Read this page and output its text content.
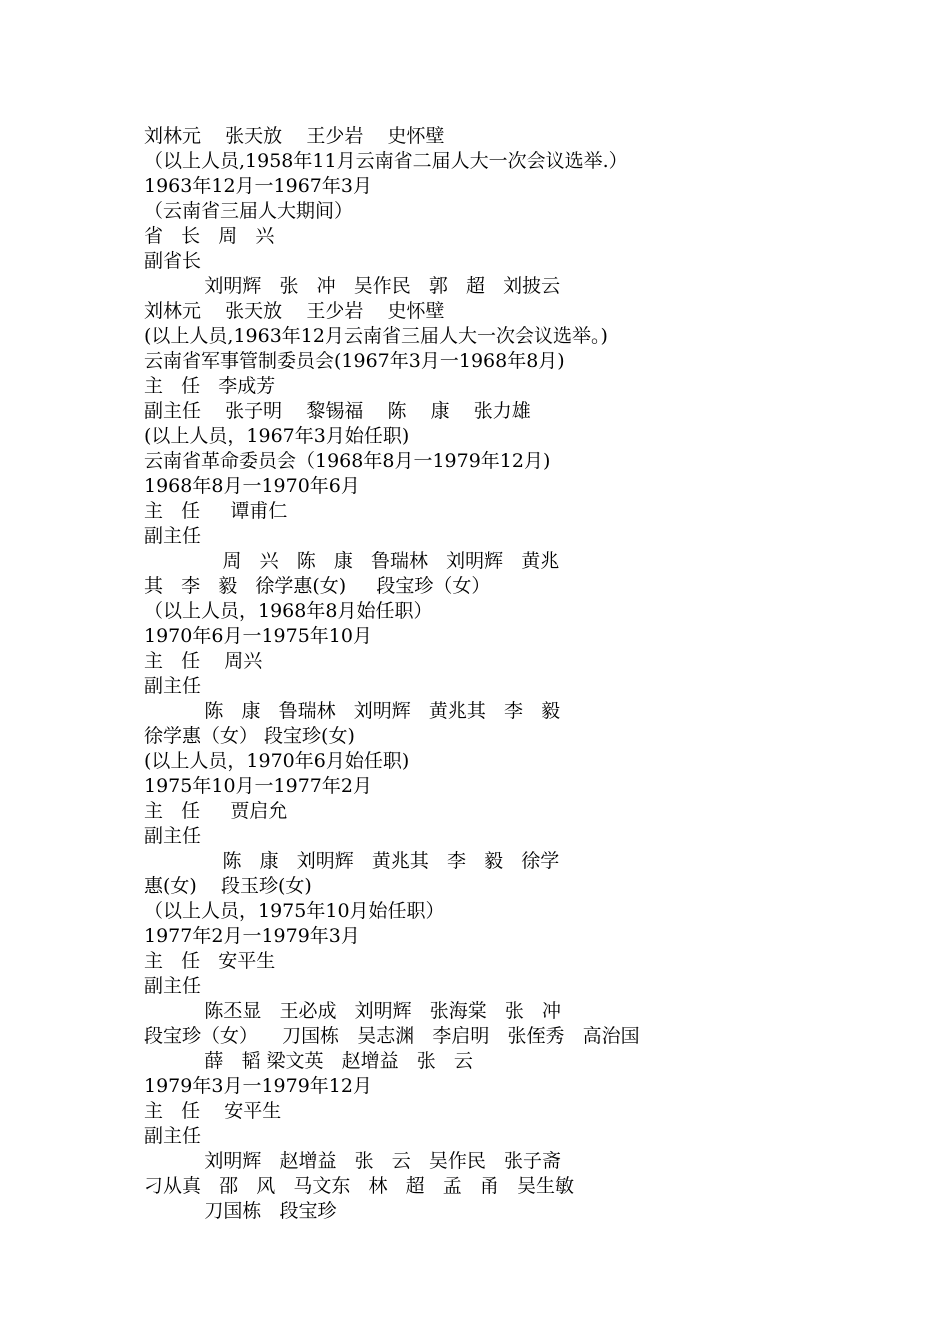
刘林元    张天放    王少岩    史怀壁
（以上人员,1958年11月云南省二届人大一次会议选举.）
1963年12月一1967年3月
（云南省三届人大期间）
省   长   周   兴
副省长
刘明辉   张   冲   吴作民   郭   超   刘披云
刘林元    张天放    王少岩    史怀壁
(以上人员,1963年12月云南省三届人大一次会议选举。)
云南省军事管制委员会(1967年3月一1968年8月)
主   任   李成芳
副主任    张子明    黎锡福    陈    康    张力雄
(以上人员，1967年3月始任职)
云南省革命委员会（1968年8月一1979年12月)
1968年8月一1970年6月
主   任     谭甫仁
副主任
周   兴   陈   康   鲁瑞林   刘明辉   黄兆
其   李   毅   徐学惠(女)     段宝珍（女）
（以上人员，1968年8月始任职）
1970年6月一1975年10月
主   任    周兴
副主任
陈   康   鲁瑞林   刘明辉   黄兆其   李   毅
徐学惠（女） 段宝珍(女)
(以上人员，1970年6月始任职)
1975年10月一1977年2月
主   任     贾启允
副主任
陈   康   刘明辉   黄兆其   李   毅   徐学
惠(女)    段玉珍(女)
（以上人员，1975年10月始任职）
1977年2月一1979年3月
主   任   安平生
副主任
陈丕显   王必成   刘明辉   张海棠   张   冲
段宝珍（女）    刀国栋   吴志渊   李启明   张侄秀   高治国
薛   韬 梁文英   赵增益   张   云
1979年3月一1979年12月
主   任    安平生
副主任
刘明辉   赵增益   张   云   吴作民   张子斋
刁从真   邵   风   马文东   林   超   孟   甬   吴生敏
刀国栋   段宝珍
